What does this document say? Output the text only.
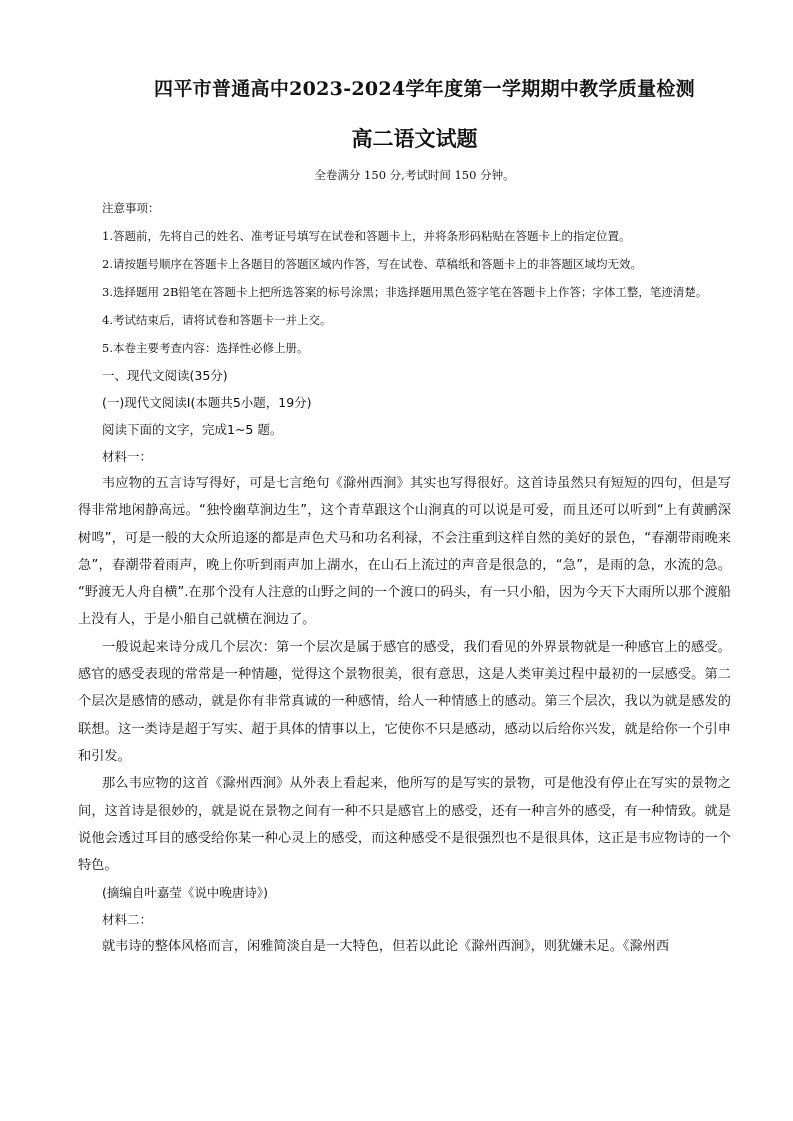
四平市普通高中2023-2024学年度第一学期期中教学质量检测
高二语文试题

全卷满分 150 分,考试时间 150 分钟。

注意事项：

1.答题前，先将自己的姓名、准考证号填写在试卷和答题卡上，并将条形码粘贴在答题卡上的指定位置。

2.请按题号顺序在答题卡上各题目的答题区域内作答，写在试卷、草稿纸和答题卡上的非答题区域均无效。

3.选择题用 2B铅笔在答题卡上把所选答案的标号涂黑；非选择题用黑色签字笔在答题卡上作答；字体工整，笔迹清楚。

4.考试结束后，请将试卷和答题卡一并上交。

5.本卷主要考查内容：选择性必修上册。

一、现代文阅读(35分)

(一)现代文阅读Ⅰ(本题共5小题，19分)

阅读下面的文字，完成1~5 题。

材料一：

韦应物的五言诗写得好，可是七言绝句《滁州西涧》其实也写得很好。这首诗虽然只有短短的四句，但是写得非常地闲静高远。“独怜幽草涧边生”，这个青草跟这个山涧真的可以说是可爱，而且还可以听到“上有黄鹂深树鸣”，可是一般的大众所追逐的都是声色犬马和功名利禄，不会注重到这样自然的美好的景色，“春潮带雨晚来急”，春潮带着雨声，晚上你听到雨声加上湖水，在山石上流过的声音是很急的，“急”，是雨的急，水流的急。 “野渡无人舟自横”.在那个没有人注意的山野之间的一个渡口的码头，有一只小船，因为今天下大雨所以那个渡船上没有人，于是小船自己就横在涧边了。

一般说起来诗分成几个层次：第一个层次是属于感官的感受，我们看见的外界景物就是一种感官上的感受。感官的感受表现的常常是一种情趣，觉得这个景物很美，很有意思，这是人类审美过程中最初的一层感受。第二个层次是感情的感动，就是你有非常真诚的一种感情，给人一种情感上的感动。第三个层次，我以为就是感发的联想。这一类诗是超于写实、超于具体的情事以上，它使你不只是感动，感动以后给你兴发，就是给你一个引申和引发。

那么韦应物的这首《滁州西涧》从外表上看起来，他所写的是写实的景物，可是他没有停止在写实的景物之间，这首诗是很妙的，就是说在景物之间有一种不只是感官上的感受，还有一种言外的感受，有一种情致。就是说他会透过耳目的感受给你某一种心灵上的感受，而这种感受不是很强烈也不是很具体，这正是韦应物诗的一个特色。

(摘编自叶嘉莹《说中晚唐诗》)

材料二：

就韦诗的整体风格而言，闲雅简淡自是一大特色，但若以此论《滁州西涧》，则犹嫌未足。《滁州西
